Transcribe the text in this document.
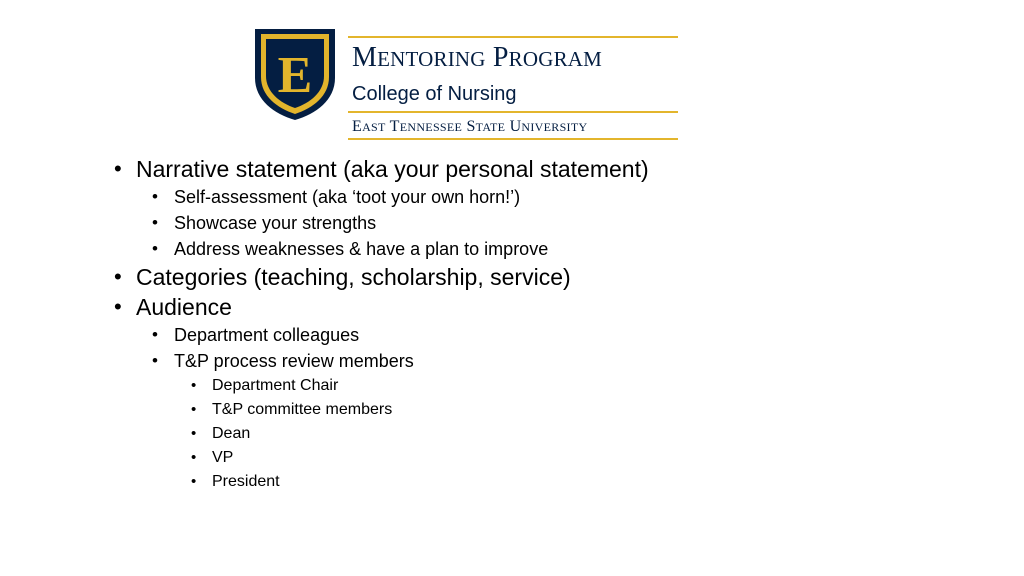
E MENTORING PROGRAM
College of Nursing
EAST TENNESSEE STATE UNIVERSITY
• Narrative statement (aka your personal statement)
• Self-assessment (aka ‘toot your own horn!’)
• Showcase your strengths
• Address weaknesses & have a plan to improve
• Categories (teaching, scholarship, service)
• Audience
• Department colleagues
• T&P process review members
• Department Chair
• T&P committee members
• Dean
• VP
• President
